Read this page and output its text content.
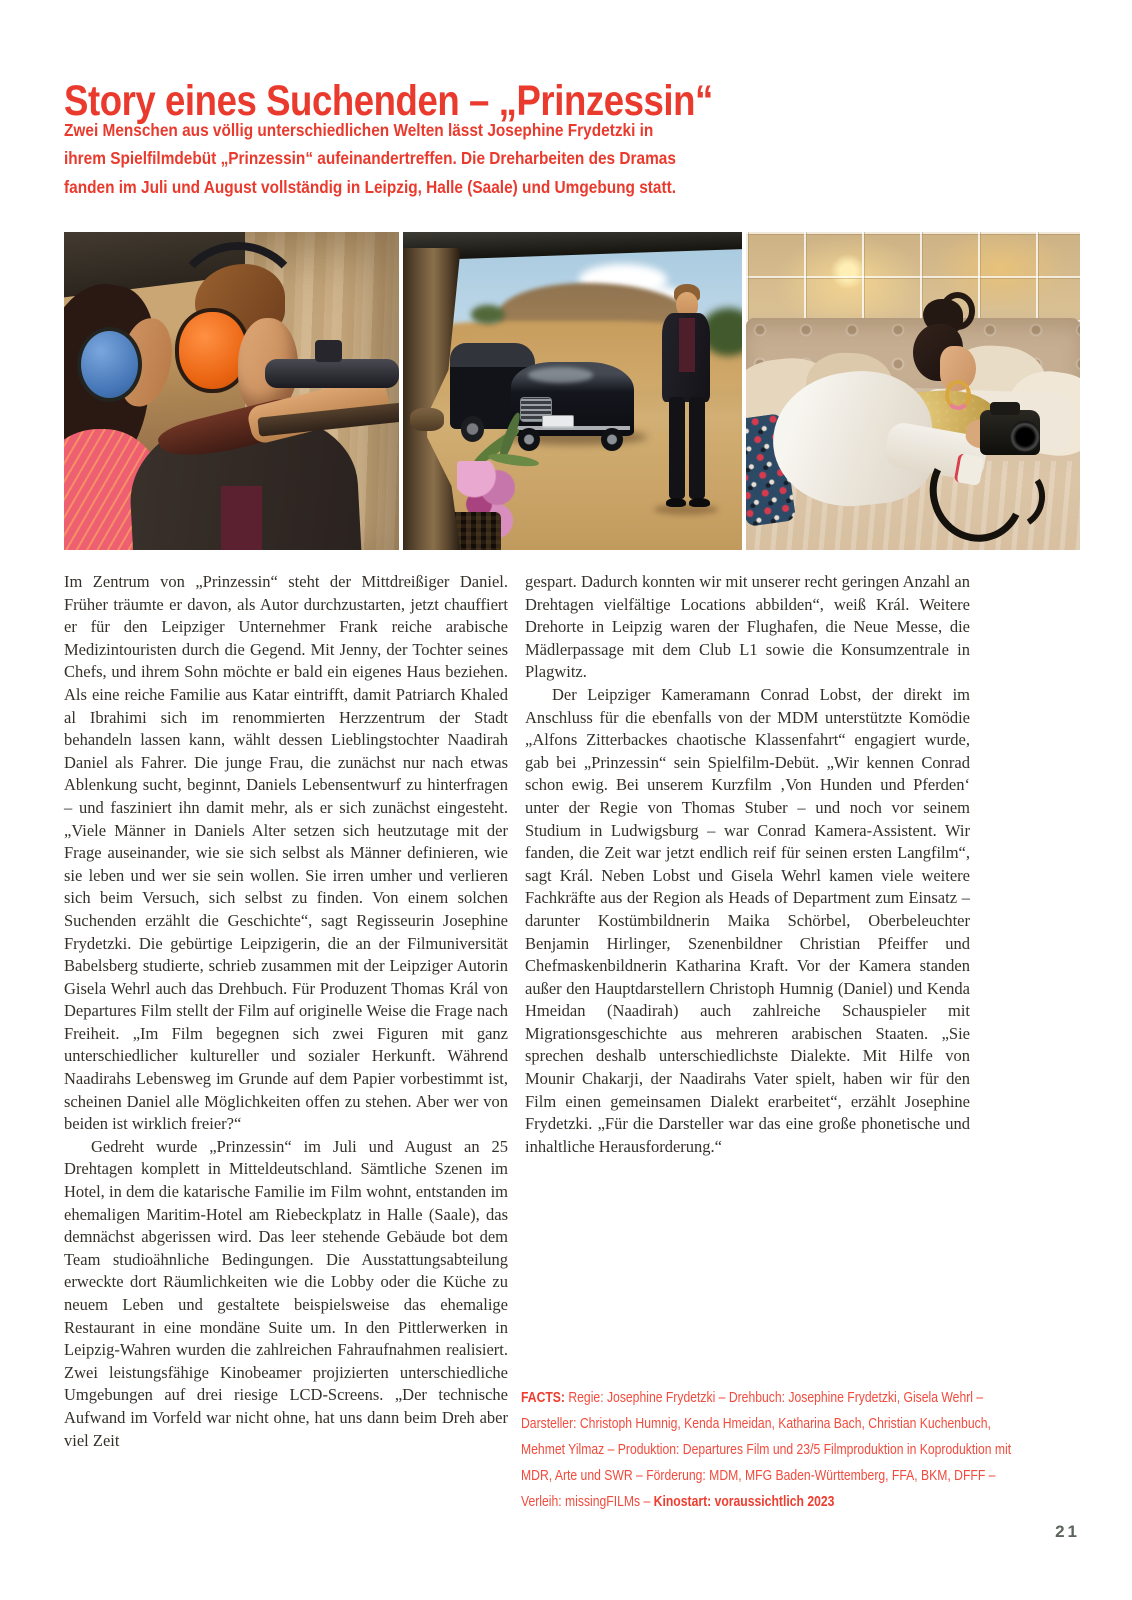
Story eines Suchenden – „Prinzessin“
Zwei Menschen aus völlig unterschiedlichen Welten lässt Josephine Frydetzki in
ihrem Spielfilmdebüt „Prinzessin“ aufeinandertreffen. Die Dreharbeiten des Dramas
fanden im Juli und August vollständig in Leipzig, Halle (Saale) und Umgebung statt.

Im Zentrum von „Prinzessin“ steht der Mittdreißiger Daniel. Früher träumte er davon, als Autor durchzustarten, jetzt chauffiert er für den Leipziger Unternehmer Frank reiche arabische Medizintouristen durch die Gegend. Mit Jenny, der Tochter seines Chefs, und ihrem Sohn möchte er bald ein eigenes Haus beziehen. Als eine reiche Familie aus Katar eintrifft, damit Patriarch Khaled al Ibrahimi sich im renommierten Herzzentrum der Stadt behandeln lassen kann, wählt dessen Lieblingstochter Naadirah Daniel als Fahrer. Die junge Frau, die zunächst nur nach etwas Ablenkung sucht, beginnt, Daniels Lebensentwurf zu hinterfragen – und fasziniert ihn damit mehr, als er sich zunächst eingesteht. „Viele Männer in Daniels Alter setzen sich heutzutage mit der Frage auseinander, wie sie sich selbst als Männer definieren, wie sie leben und wer sie sein wollen. Sie irren umher und verlieren sich beim Versuch, sich selbst zu finden. Von einem solchen Suchenden erzählt die Geschichte“, sagt Regisseurin Josephine Frydetzki. Die gebürtige Leipzigerin, die an der Filmuniversität Babelsberg studierte, schrieb zusammen mit der Leipziger Autorin Gisela Wehrl auch das Drehbuch. Für Produzent Thomas Král von Departures Film stellt der Film auf originelle Weise die Frage nach Freiheit. „Im Film begegnen sich zwei Figuren mit ganz unterschiedlicher kultureller und sozialer Herkunft. Während Naadirahs Lebensweg im Grunde auf dem Papier vorbestimmt ist, scheinen Daniel alle Möglichkeiten offen zu stehen. Aber wer von beiden ist wirklich freier?“

Gedreht wurde „Prinzessin“ im Juli und August an 25 Drehtagen komplett in Mitteldeutschland. Sämtliche Szenen im Hotel, in dem die katarische Familie im Film wohnt, entstanden im ehemaligen Maritim-Hotel am Riebeckplatz in Halle (Saale), das demnächst abgerissen wird. Das leer stehende Gebäude bot dem Team studioähnliche Bedingungen. Die Ausstattungsabteilung erweckte dort Räumlichkeiten wie die Lobby oder die Küche zu neuem Leben und gestaltete beispielsweise das ehemalige Restaurant in eine mondäne Suite um. In den Pittlerwerken in Leipzig-Wahren wurden die zahlreichen Fahraufnahmen realisiert. Zwei leistungsfähige Kinobeamer projizierten unterschiedliche Umgebungen auf drei riesige LCD-Screens. „Der technische Aufwand im Vorfeld war nicht ohne, hat uns dann beim Dreh aber viel Zeit

gespart. Dadurch konnten wir mit unserer recht geringen Anzahl an Drehtagen vielfältige Locations abbilden“, weiß Král. Weitere Drehorte in Leipzig waren der Flughafen, die Neue Messe, die Mädlerpassage mit dem Club L1 sowie die Konsumzentrale in Plagwitz.

Der Leipziger Kameramann Conrad Lobst, der direkt im Anschluss für die ebenfalls von der MDM unterstützte Komödie „Alfons Zitterbackes chaotische Klassenfahrt“ engagiert wurde, gab bei „Prinzessin“ sein Spielfilm-Debüt. „Wir kennen Conrad schon ewig. Bei unserem Kurzfilm ‚Von Hunden und Pferden‘ unter der Regie von Thomas Stuber – und noch vor seinem Studium in Ludwigsburg – war Conrad Kamera-Assistent. Wir fanden, die Zeit war jetzt endlich reif für seinen ersten Langfilm“, sagt Král. Neben Lobst und Gisela Wehrl kamen viele weitere Fachkräfte aus der Region als Heads of Department zum Einsatz – darunter Kostümbildnerin Maika Schörbel, Oberbeleuchter Benjamin Hirlinger, Szenenbildner Christian Pfeiffer und Chefmaskenbildnerin Katharina Kraft. Vor der Kamera standen außer den Hauptdarstellern Christoph Humnig (Daniel) und Kenda Hmeidan (Naadirah) auch zahlreiche Schauspieler mit Migrationsgeschichte aus mehreren arabischen Staaten. „Sie sprechen deshalb unterschiedlichste Dialekte. Mit Hilfe von Mounir Chakarji, der Naadirahs Vater spielt, haben wir für den Film einen gemeinsamen Dialekt erarbeitet“, erzählt Josephine Frydetzki. „Für die Darsteller war das eine große phonetische und inhaltliche Herausforderung.“

FACTS: Regie: Josephine Frydetzki – Drehbuch: Josephine Frydetzki, Gisela Wehrl – Darsteller: Christoph Humnig, Kenda Hmeidan, Katharina Bach, Christian Kuchenbuch, Mehmet Yilmaz – Produktion: Departures Film und 23/5 Filmproduktion in Koproduktion mit MDR, Arte und SWR – Förderung: MDM, MFG Baden-Württemberg, FFA, BKM, DFFF – Verleih: missingFILMs – Kinostart: voraussichtlich 2023
21
